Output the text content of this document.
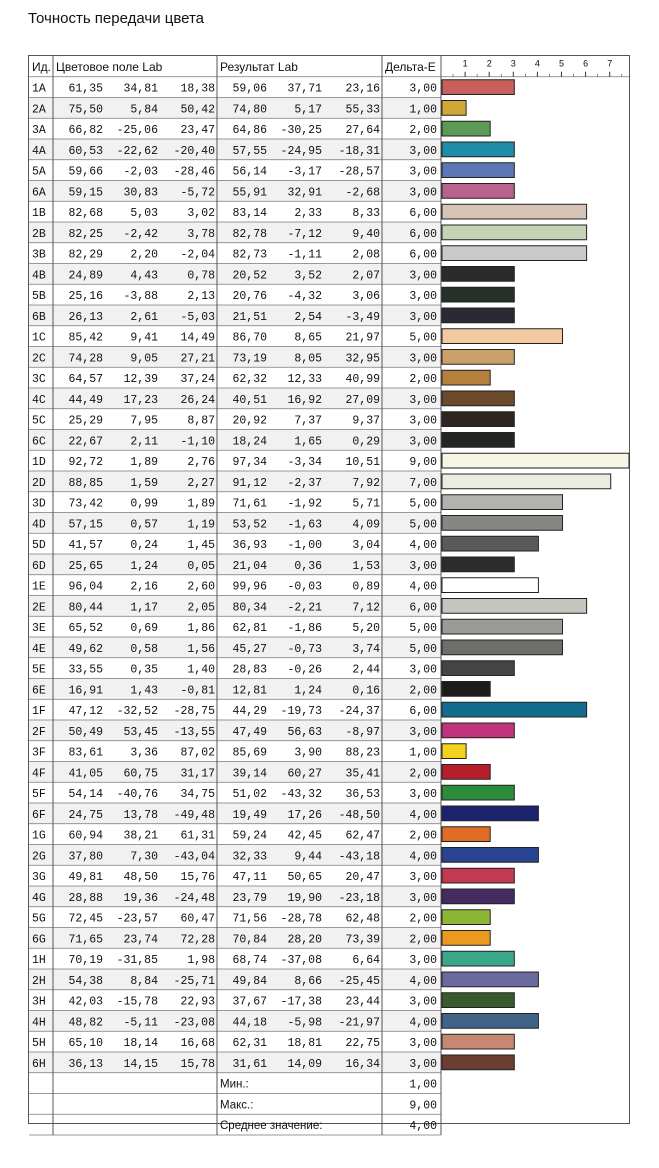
Точность передачи цвета
Ид. Цветовое поле Lab	Результат Lab	Дельта-E	1 2 3 4 5 6 7
1A 61,35 34,81 18,38 59,06 37,71 23,16	3,00
2A 75,50 5,84 50,42 74,80 5,17 55,33	1,00
3A 66,82 -25,06 23,47 64,86 -30,25 27,64	2,00
4A 60,53 -22,62 -20,40 57,55 -24,95 -18,31	3,00
5A 59,66 -2,03 -28,46 56,14 -3,17 -28,57	3,00
6A 59,15 30,83 -5,72 55,91 32,91 -2,68	3,00
1B 82,68 5,03	3,02 83,14 2,33	8,33	6,00
2B 82,25 -2,42	3,78 82,78 -7,12	9,40	6,00
3B 82,29 2,20 -2,04 82,73 -1,11	2,08	6,00
4B 24,89 4,43	0,78 20,52 3,52	2,07	3,00
5B 25,16 -3,88	2,13 20,76 -4,32	3,06	3,00
6B 26,13 2,61 -5,03 21,51 2,54 -3,49	3,00
1C 85,42 9,41 14,49 86,70 8,65 21,97	5,00
2C 74,28 9,05 27,21 73,19 8,05 32,95	3,00
3C 64,57 12,39 37,24 62,32 12,33 40,99	2,00
4C 44,49 17,23 26,24 40,51 16,92 27,09	3,00
5C 25,29 7,95	8,87 20,92 7,37	9,37	3,00
6C 22,67 2,11 -1,10 18,24 1,65	0,29	3,00
1D 92,72 1,89	2,76 97,34 -3,34 10,51	9,00
2D 88,85 1,59	2,27 91,12 -2,37	7,92	7,00
3D 73,42 0,99	1,89 71,61 -1,92	5,71	5,00
4D 57,15 0,57	1,19 53,52 -1,63	4,09	5,00
5D 41,57 0,24	1,45 36,93 -1,00	3,04	4,00
6D 25,65 1,24	0,05 21,04 0,36	1,53	3,00
1E 96,04 2,16	2,60 99,96 -0,03	0,89	4,00
2E 80,44 1,17	2,05 80,34 -2,21	7,12	6,00
3E 65,52 0,69	1,86 62,81 -1,86	5,20	5,00
4E 49,62 0,58	1,56 45,27 -0,73	3,74	5,00
5E 33,55 0,35	1,40 28,83 -0,26	2,44	3,00
6E 16,91 1,43 -0,81 12,81 1,24	0,16	2,00
1F 47,12 -32,52 -28,75 44,29 -19,73 -24,37	6,00
2F 50,49 53,45 -13,55 47,49 56,63 -8,97	3,00
3F 83,61 3,36 87,02 85,69 3,90 88,23	1,00
4F 41,05 60,75 31,17 39,14 60,27 35,41	2,00
5F 54,14 -40,76 34,75 51,02 -43,32 36,53	3,00
6F 24,75 13,78 -49,48 19,49 17,26 -48,50	4,00
1G 60,94 38,21 61,31 59,24 42,45 62,47	2,00
2G 37,80 7,30 -43,04 32,33 9,44 -43,18	4,00
3G 49,81 48,50 15,76 47,11 50,65 20,47	3,00
4G 28,88 19,36 -24,48 23,79 19,90 -23,18	3,00
5G 72,45 -23,57 60,47 71,56 -28,78 62,48	2,00
6G 71,65 23,74 72,28 70,84 28,20 73,39	2,00
1H 70,19 -31,85	1,98 68,74 -37,08	6,64	3,00
2H 54,38 8,84 -25,71 49,84 8,66 -25,45	4,00
3H 42,03 -15,78 22,93 37,67 -17,38 23,44	3,00
4H 48,82 -5,11 -23,08 44,18 -5,98 -21,97	4,00
5H 65,10 18,14 16,68 62,31 18,81 22,75	3,00
6H 36,13 14,15 15,78 31,61 14,09 16,34	3,00
Мин.:	1,00
Макс.:	9,00
Среднее значение:	4,00
